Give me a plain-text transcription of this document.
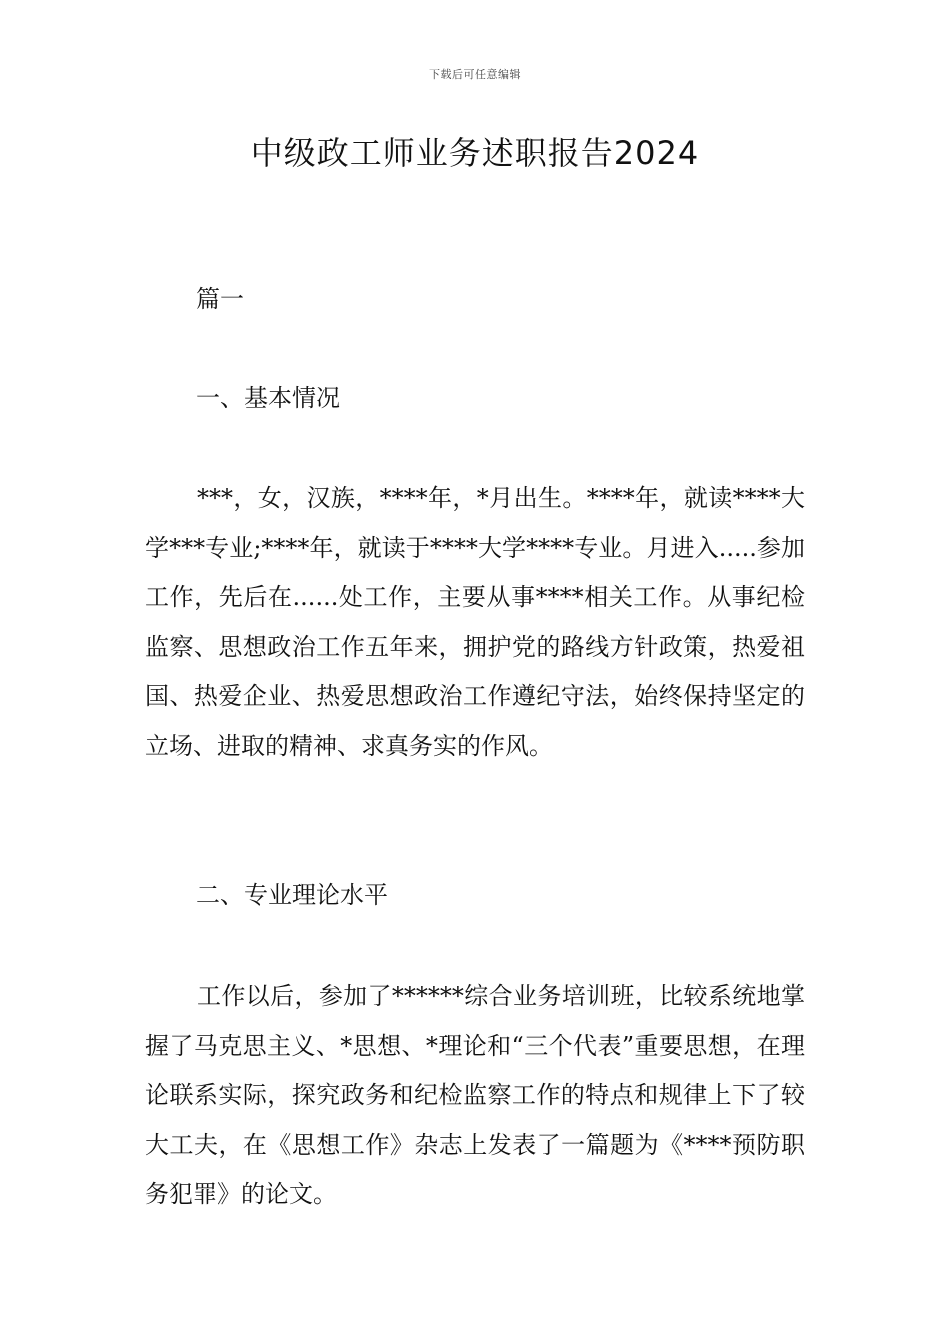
下载后可任意编辑
中级政工师业务述职报告2024
篇一
一、基本情况

***，女，汉族，****年，*月出生。****年，就读****大学***专业;****年，就读于****大学****专业。月进入.....参加工作，先后在......处工作，主要从事****相关工作。从事纪检监察、思想政治工作五年来，拥护党的路线方针政策，热爱祖国、热爱企业、热爱思想政治工作遵纪守法，始终保持坚定的立场、进取的精神、求真务实的作风。

二、专业理论水平

工作以后，参加了******综合业务培训班，比较系统地掌握了马克思主义、*思想、*理论和“三个代表”重要思想，在理论联系实际，探究政务和纪检监察工作的特点和规律上下了较大工夫，在《思想工作》杂志上发表了一篇题为《****预防职务犯罪》的论文。
